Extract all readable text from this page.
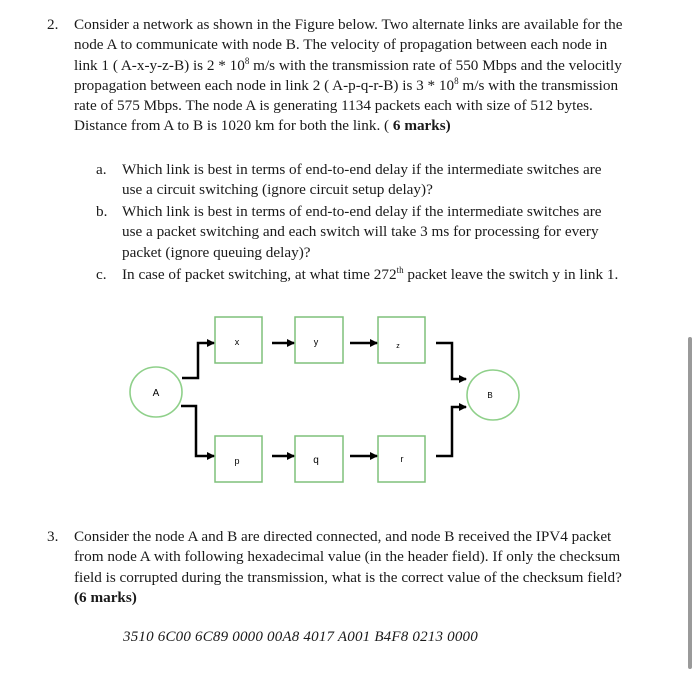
2. Consider a network as shown in the Figure below. Two alternate links are available for the
node A to communicate with node B. The velocity of propagation between each node in
link 1 ( A-x-y-z-B) is $2 * 10^8$ m/s with the transmission rate of 550 Mbps and the velocitly
propagation between each node in link 2 ( A-p-q-r-B) is $3 * 10^8$ m/s with the transmission
rate of 575 Mbps. The node A is generating 1134 packets each with size of 512 bytes.
Distance from A to B is 1020 km for both the link. ( 6 marks)
a.	Which link is best in terms of end-to-end delay if the intermediate switches are
use a circuit switching (ignore circuit setup delay)?
b. Which link is best in terms of end-to-end delay if the intermediate switches are
use a packet switching and each switch will take 3 ms for processing for every
packet (ignore queuing delay)?
c.	In case of packet switching, at what time 272th packet leave the switch y in link 1.
A	B
x	y	z
p	q	r
3. Consider the node A and B are directed connected, and node B received the IPV4 packet
from node A with following hexadecimal value (in the header field). If only the checksum
field is corrupted during the transmission, what is the correct value of the checksum field?
(6 marks)
3510 6C00 6C89 0000 00A8 4017 A001 B4F8 0213 0000
